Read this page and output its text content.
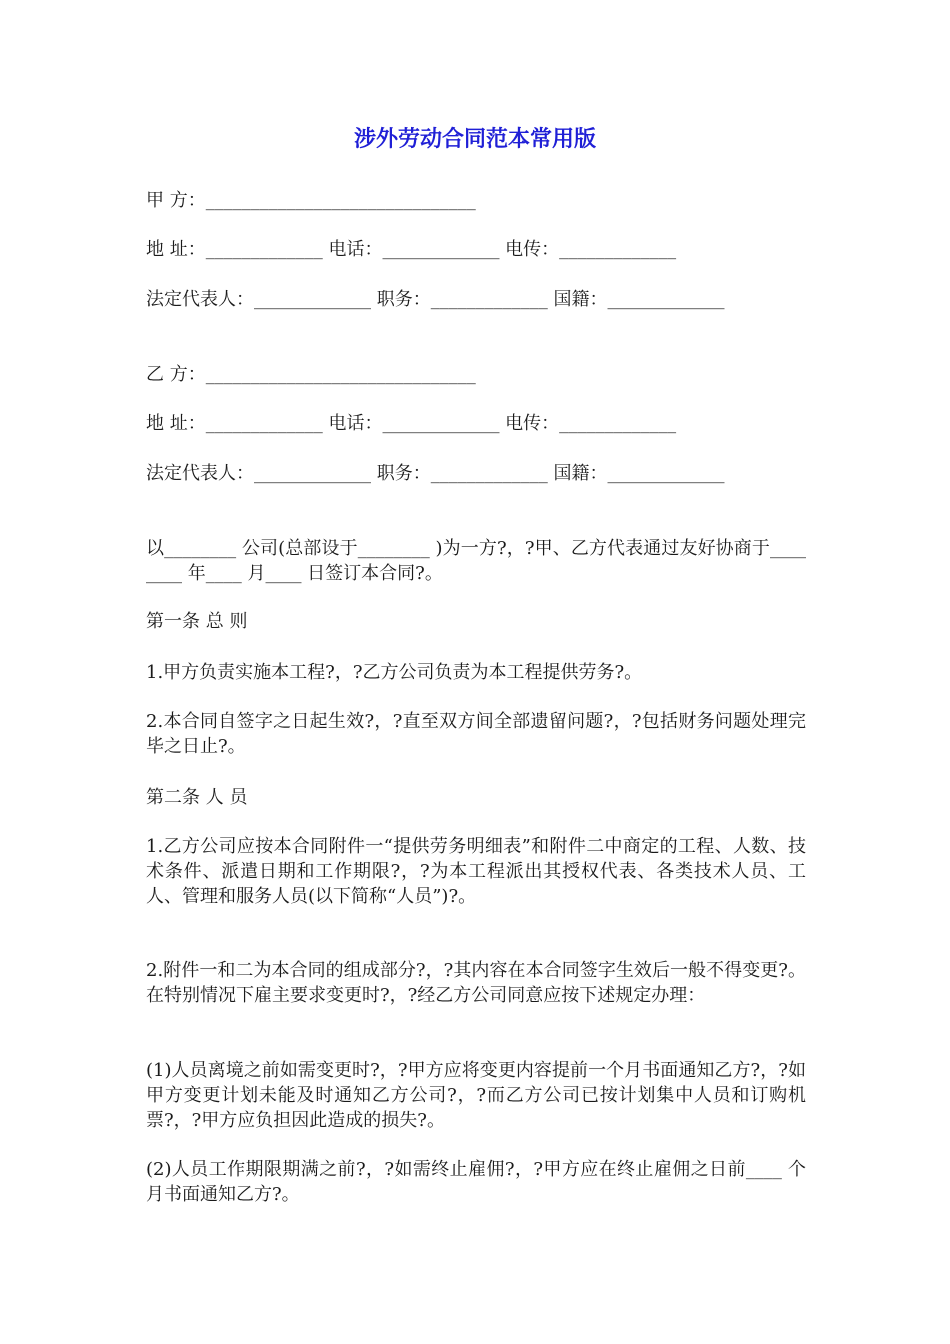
涉外劳动合同范本常用版

甲 方：______________________________

地 址：_____________ 电话：_____________ 电传：_____________

法定代表人：_____________ 职务：_____________ 国籍：_____________

乙 方：______________________________

地 址：_____________ 电话：_____________ 电传：_____________

法定代表人：_____________ 职务：_____________ 国籍：_____________

以________ 公司(总部设于________ )为一方?，?甲、乙方代表通过友好协商于________ 年____ 月____ 日签订本合同?。

第一条 总 则

1.甲方负责实施本工程?，?乙方公司负责为本工程提供劳务?。

2.本合同自签字之日起生效?，?直至双方间全部遗留问题?，?包括财务问题处理完毕之日止?。

第二条 人 员

1.乙方公司应按本合同附件一“提供劳务明细表”和附件二中商定的工程、人数、技术条件、派遣日期和工作期限?，?为本工程派出其授权代表、各类技术人员、工人、管理和服务人员(以下简称“人员”)?。

2.附件一和二为本合同的组成部分?，?其内容在本合同签字生效后一般不得变更?。在特别情况下雇主要求变更时?，?经乙方公司同意应按下述规定办理：

(1)人员离境之前如需变更时?，?甲方应将变更内容提前一个月书面通知乙方?，?如甲方变更计划未能及时通知乙方公司?，?而乙方公司已按计划集中人员和订购机票?，?甲方应负担因此造成的损失?。

(2)人员工作期限期满之前?，?如需终止雇佣?，?甲方应在终止雇佣之日前____ 个月书面通知乙方?。
